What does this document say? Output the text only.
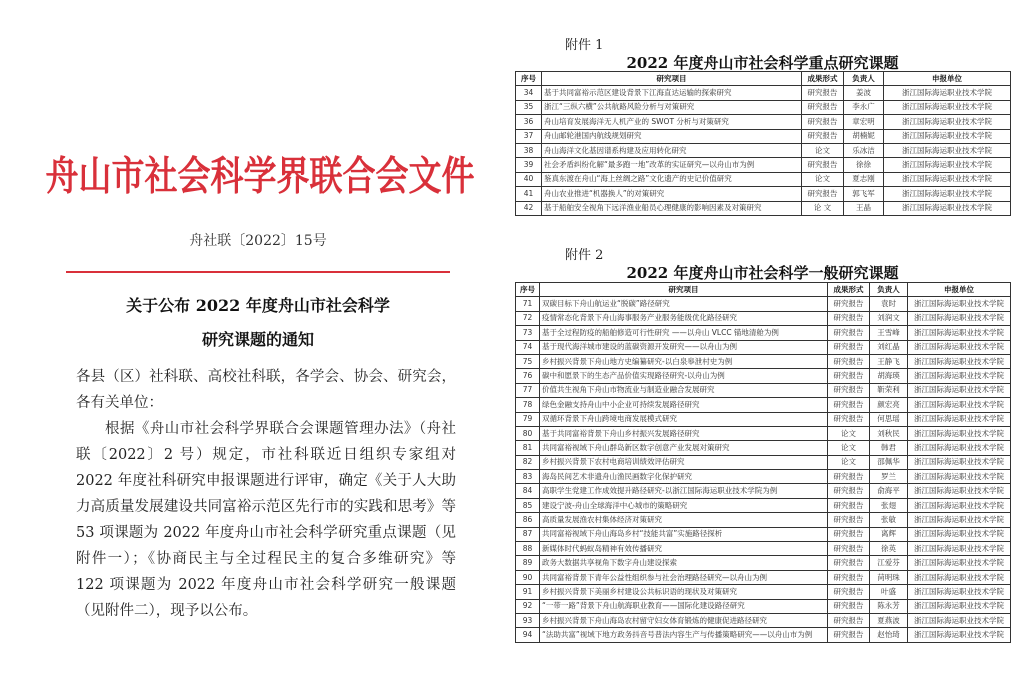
舟山市社会科学界联合会文件
舟社联〔2022〕15号
关于公布 2022 年度舟山市社会科学
研究课题的通知

各县（区）社科联、高校社科联，各学会、协会、研究会，各有关单位：

根据《舟山市社会科学界联合会课题管理办法》（舟社联〔2022〕2 号）规定，市社科联近日组织专家组对 2022 年度社科研究申报课题进行评审，确定《关于人大助力高质量发展建设共同富裕示范区先行市的实践和思考》等 53 项课题为 2022 年度舟山市社会科学研究重点课题（见附件一）；《协商民主与全过程民主的复合多维研究》等 122 项课题为 2022 年度舟山市社会科学研究一般课题（见附件二），现予以公布。

附件 1
2022 年度舟山市社会科学重点研究课题
序号	研究项目	成果形式	负责人	申报单位
34	基于共同富裕示范区建设背景下江海直达运输的探索研究	研究报告	姜波	浙江国际海运职业技术学院
35	浙江“三纵六横”公共航路风险分析与对策研究	研究报告	李永广	浙江国际海运职业技术学院
36	舟山培育发展海洋无人机产业的 SWOT 分析与对策研究	研究报告	章宏明	浙江国际海运职业技术学院
37	舟山邮轮港国内航线规划研究	研究报告	胡楠妮	浙江国际海运职业技术学院
38	舟山海洋文化基因谱系构建及应用转化研究	论文	乐冰洁	浙江国际海运职业技术学院
39	社会矛盾纠纷化解“最多跑一地”改革的实证研究—以舟山市为例	研究报告	徐徐	浙江国际海运职业技术学院
40	鉴真东渡在舟山“海上丝绸之路”文化遗产的史记价值研究	论文	夏志刚	浙江国际海运职业技术学院
41	舟山农业推进“机器换人”的对策研究	研究报告	郭飞军	浙江国际海运职业技术学院
42	基于船舶安全视角下远洋渔业船员心理健康的影响因素及对策研究	论 文	王晶	浙江国际海运职业技术学院
附件 2
2022 年度舟山市社会科学一般研究课题
序号	研究项目	成果形式	负责人	申报单位
71	双碳目标下舟山航运业“脱碳”路径研究	研究报告	袁时	浙江国际海运职业技术学院
72	疫情常态化背景下舟山海事服务产业服务能级优化路径研究	研究报告	刘润文	浙江国际海运职业技术学院
73	基于全过程防疫的船舶修造可行性研究 ——以舟山 VLCC 锚地清舱为例	研究报告	王雪峰	浙江国际海运职业技术学院
74	基于现代海洋城市建设的蓝碳资源开发研究——以舟山为例	研究报告	刘红晶	浙江国际海运职业技术学院
75	乡村振兴背景下舟山地方史编纂研究-以白泉皋泄村史为例	研究报告	王静飞	浙江国际海运职业技术学院
76	碳中和愿景下的生态产品价值实现路径研究-以舟山为例	研究报告	胡海瑛	浙江国际海运职业技术学院
77	价值共生视角下舟山市物流业与制造业融合发展研究	研究报告	靳荣利	浙江国际海运职业技术学院
78	绿色金融支持舟山中小企业可持续发展路径研究	研究报告	颜宏亮	浙江国际海运职业技术学院
79	双循环背景下舟山跨境电商发展模式研究	研究报告	何思瑶	浙江国际海运职业技术学院
80	基于共同富裕背景下舟山乡村振兴发展路径研究	论文	刘秋民	浙江国际海运职业技术学院
81	共同富裕视域下舟山群岛新区数字创意产业发展对策研究	论文	韩君	浙江国际海运职业技术学院
82	乡村振兴背景下农村电商培训绩效评估研究	论文	邵佩华	浙江国际海运职业技术学院
83	海岛民间艺术非遗舟山渔民画数字化保护研究	研究报告	罗兰	浙江国际海运职业技术学院
84	高职学生党建工作成效提升路径研究-以浙江国际海运职业技术学院为例	研究报告	俞海平	浙江国际海运职业技术学院
85	建设宁波-舟山全球海洋中心城市的策略研究	研究报告	张翅	浙江国际海运职业技术学院
86	高质量发展渔农村集体经济对策研究	研究报告	张敏	浙江国际海运职业技术学院
87	共同富裕视域下舟山海岛乡村“技能共富”实施路径探析	研究报告	离辉	浙江国际海运职业技术学院
88	新媒体时代蚂蚁岛精神有效传播研究	研究报告	徐英	浙江国际海运职业技术学院
89	政务大数据共享视角下数字舟山建设探索	研究报告	江爱芬	浙江国际海运职业技术学院
90	共同富裕背景下青年公益性组织参与社会治理路径研究—以舟山为例	研究报告	苘明珠	浙江国际海运职业技术学院
91	乡村振兴背景下美丽乡村建设公共标识语的现状及对策研究	研究报告	叶盛	浙江国际海运职业技术学院
92	“一带一路”背景下舟山航海职业教育——国际化建设路径研究	研究报告	陈永芳	浙江国际海运职业技术学院
93	乡村振兴背景下舟山海岛农村留守妇女体育锻炼的健康促进路径研究	研究报告	夏燕波	浙江国际海运职业技术学院
94	“法助共富”视域下地方政务抖音号普法内容生产与传播策略研究——以舟山市为例	研究报告	赵怡琦	浙江国际海运职业技术学院
